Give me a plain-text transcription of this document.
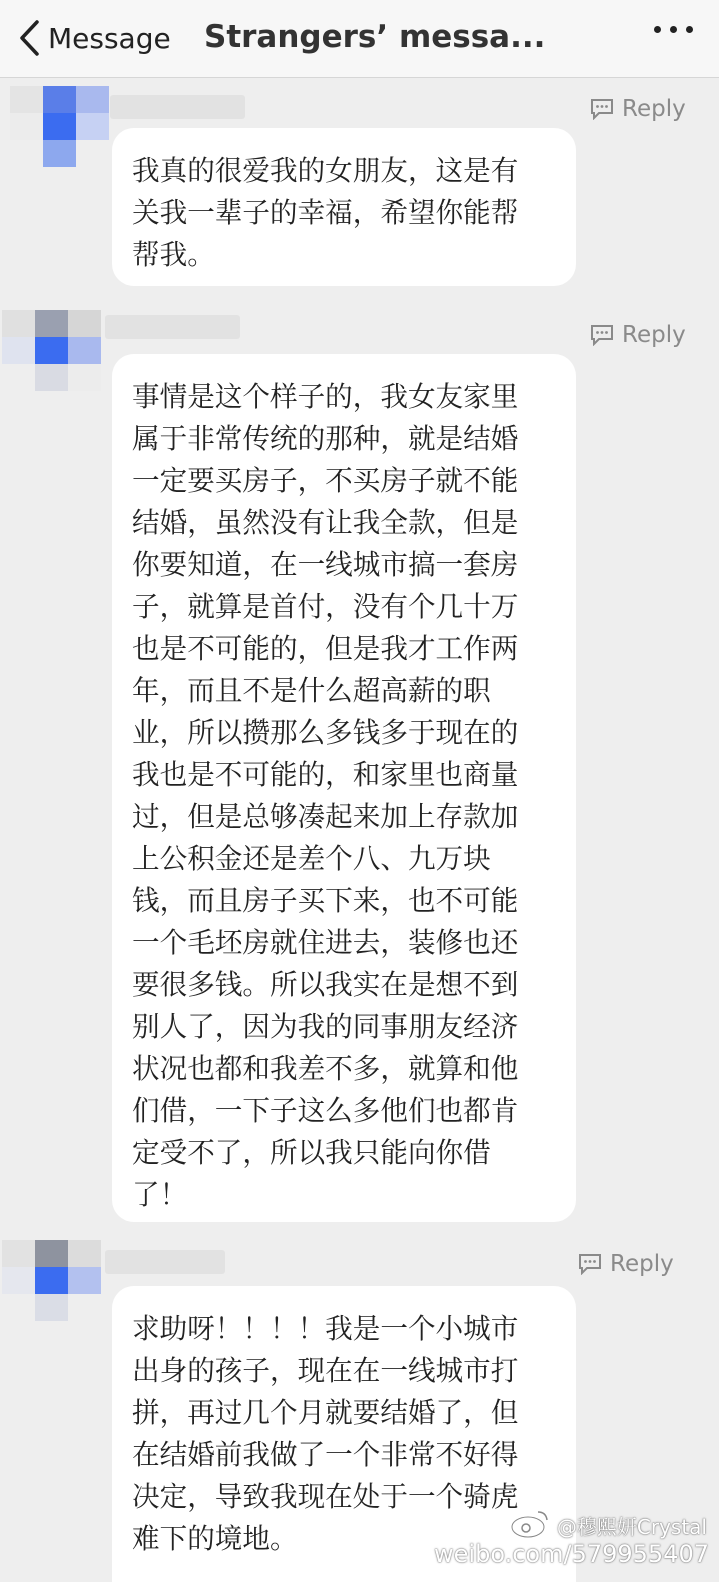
Message Strangers’ messa...
Reply
我真的很爱我的女朋友，这是有
关我一辈子的幸福，希望你能帮
帮我。
Reply
事情是这个样子的，我女友家里
属于非常传统的那种，就是结婚
一定要买房子，不买房子就不能
结婚，虽然没有让我全款，但是
你要知道，在一线城市搞一套房
子，就算是首付，没有个几十万
也是不可能的，但是我才工作两
年，而且不是什么超高薪的职
业，所以攒那么多钱多于现在的
我也是不可能的，和家里也商量
过，但是总够凑起来加上存款加
上公积金还是差个八、九万块
钱，而且房子买下来，也不可能
一个毛坯房就住进去，装修也还
要很多钱。所以我实在是想不到
别人了，因为我的同事朋友经济
状况也都和我差不多，就算和他
们借，一下子这么多他们也都肯
定受不了，所以我只能向你借
了！
Reply
求助呀！！！！我是一个小城市
出身的孩子，现在在一线城市打
拼，再过几个月就要结婚了，但
在结婚前我做了一个非常不好得
决定，导致我现在处于一个骑虎
难下的境地。	@穆熙妍Crystal
weibo.com/579955407
